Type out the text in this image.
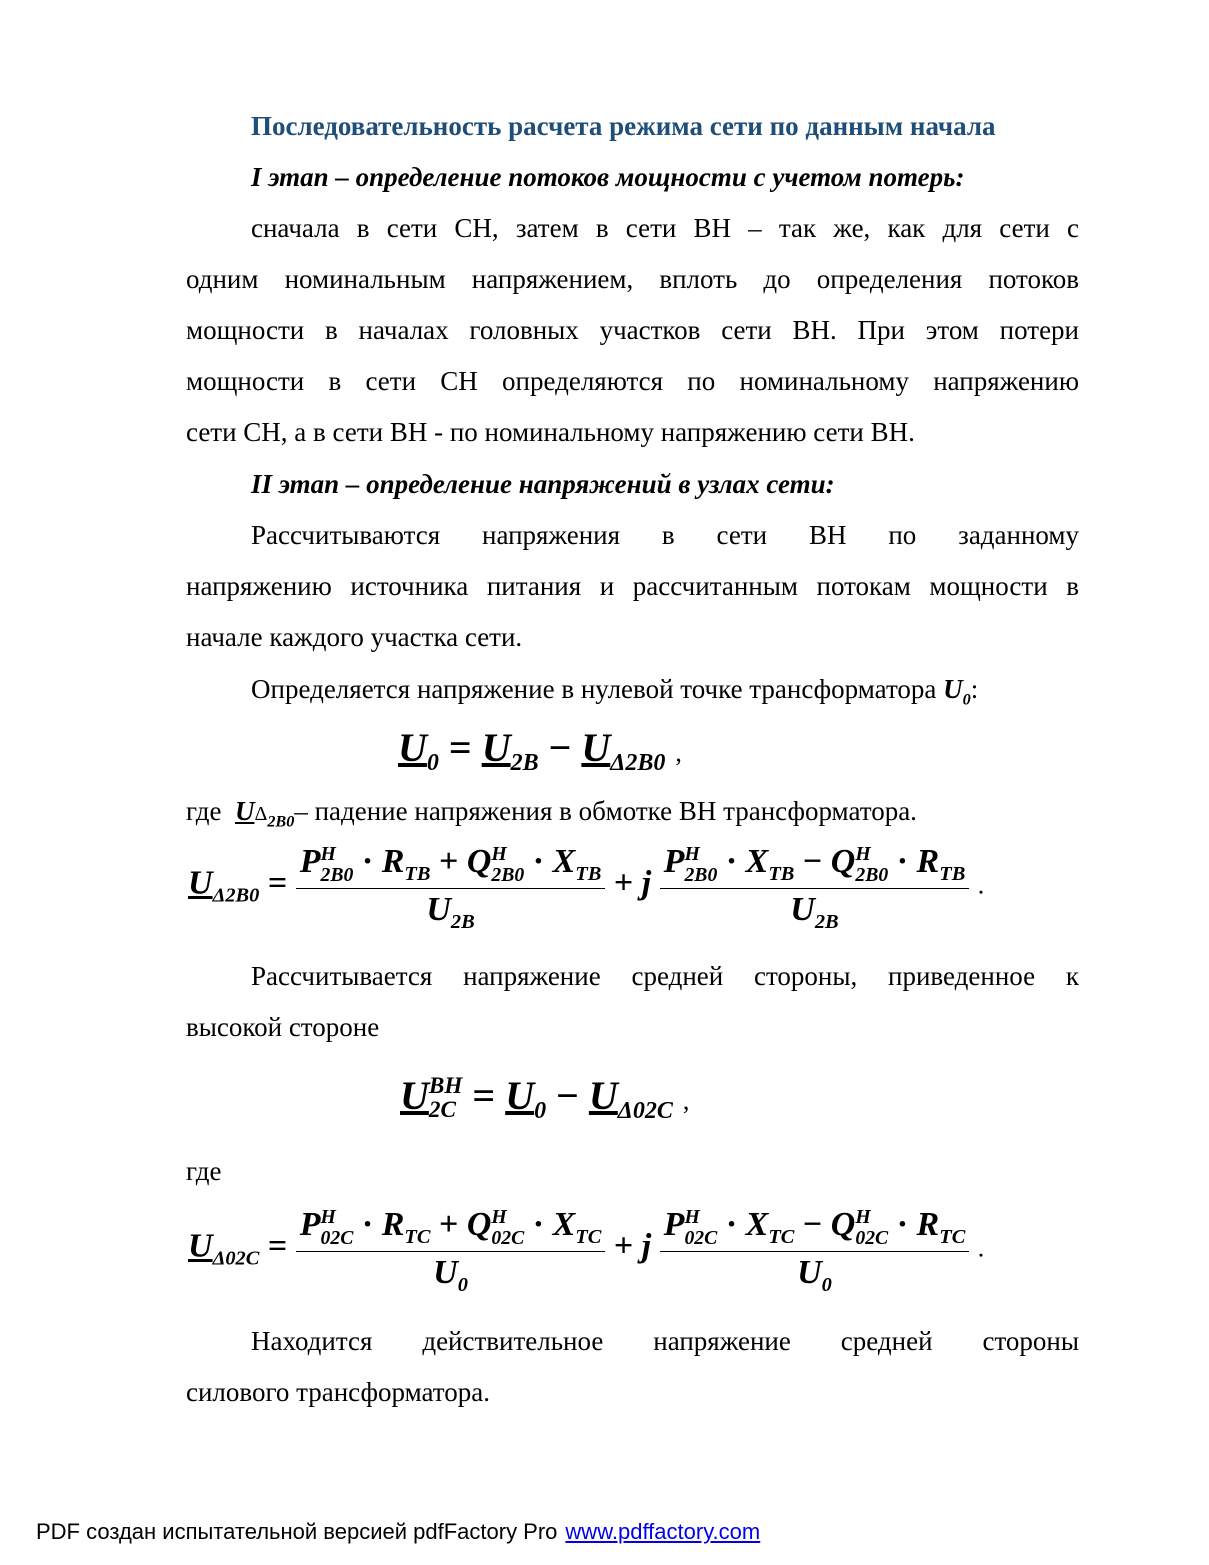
Последовательность расчета режима сети по данным начала
I этап – определение потоков мощности с учетом потерь:
сначала в сети СН, затем в сети ВН – так же, как для сети с
одним номинальным напряжением, вплоть до определения потоков
мощности в началах головных участков сети ВН. При этом потери
мощности в сети СН определяются по номинальному напряжению
сети СН, а в сети ВН - по номинальному напряжению сети ВН.
II этап – определение напряжений в узлах сети:
Рассчитываются напряжения в сети ВН по заданному
напряжению источника питания и рассчитанным потокам мощности в
начале каждого участка сети.
Определяется напряжение в нулевой точке трансформатора $U_0$:
$U_0 = U_{2B} - U_{\Delta 2B0}$ ,
где $U\Delta_{2B0}-$ падение напряжения в обмотке ВН трансформатора.
$U_{\Delta 2B0}$ =
P H
$2B0 \cdot R_{TB} + Q$ H
$2B0 \cdot X_{TB}$
$U_{2B}$
+ j
P H
$2B0 \cdot X_{TB} - Q$ H
$2B0 \cdot R_{TB}$
$U_{2B}$
.
Рассчитывается напряжение средней стороны, приведенное к
высокой стороне
U BH
$2C = U_0 - U_{\Delta 02C}$ ,
где
$U_{\Delta 02C}$ =
P H
$02C \cdot R_{TC} + Q$ H
$02C \cdot X_{TC}$
$U_0$
+ j
P H
$02C \cdot X_{TC} - Q$ H
$02C \cdot R_{TC}$
$U_0$
.
Находится действительное напряжение средней стороны
силового трансформатора.
PDF создан испытательной версией pdfFactory Pro www.pdffactory.com
